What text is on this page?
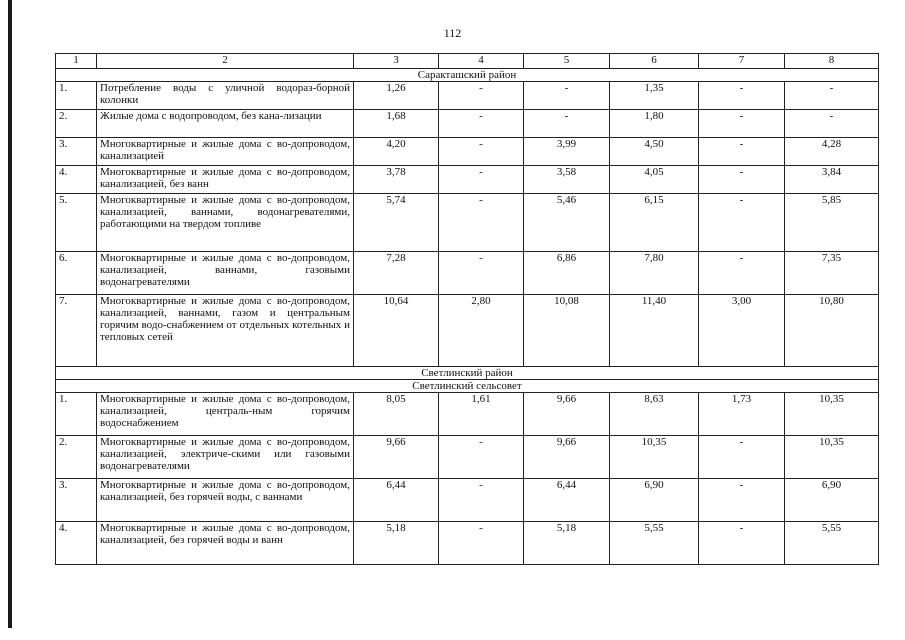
112
1	2	3	4	5	6	7	8
Саракташский район							
1.	Потребление воды с уличной водораз-борной колонки	1,26	-	-	1,35	-	-
2.	Жилые дома с водопроводом, без кана-лизации	1,68	-	-	1,80	-	-
3.	Многоквартирные и жилые дома с во-допроводом, канализацией	4,20	-	3,99	4,50	-	4,28
4.	Многоквартирные и жилые дома с во-допроводом, канализацией, без ванн	3,78	-	3,58	4,05	-	3,84
5.	Многоквартирные и жилые дома с во-допроводом, канализацией, ваннами, водонагревателями, работающими на твердом топливе	5,74	-	5,46	6,15	-	5,85
6.	Многоквартирные и жилые дома с во-допроводом, канализацией, ваннами, газовыми водонагревателями	7,28	-	6,86	7,80	-	7,35
7.	Многоквартирные и жилые дома с во-допроводом, канализацией, ваннами, газом и центральным горячим водо-снабжением от отдельных котельных и тепловых сетей	10,64	2,80	10,08	11,40	3,00	10,80
Светлинский район							
Светлинский сельсовет							
1.	Многоквартирные и жилые дома с во-допроводом, канализацией, централь-ным горячим водоснабжением	8,05	1,61	9,66	8,63	1,73	10,35
2.	Многоквартирные и жилые дома с во-допроводом, канализацией, электриче-скими или газовыми водонагревателями	9,66	-	9,66	10,35	-	10,35
3.	Многоквартирные и жилые дома с во-допроводом, канализацией, без горячей воды, с ваннами	6,44	-	6,44	6,90	-	6,90
4.	Многоквартирные и жилые дома с во-допроводом, канализацией, без горячей воды и ванн	5,18	-	5,18	5,55	-	5,55
